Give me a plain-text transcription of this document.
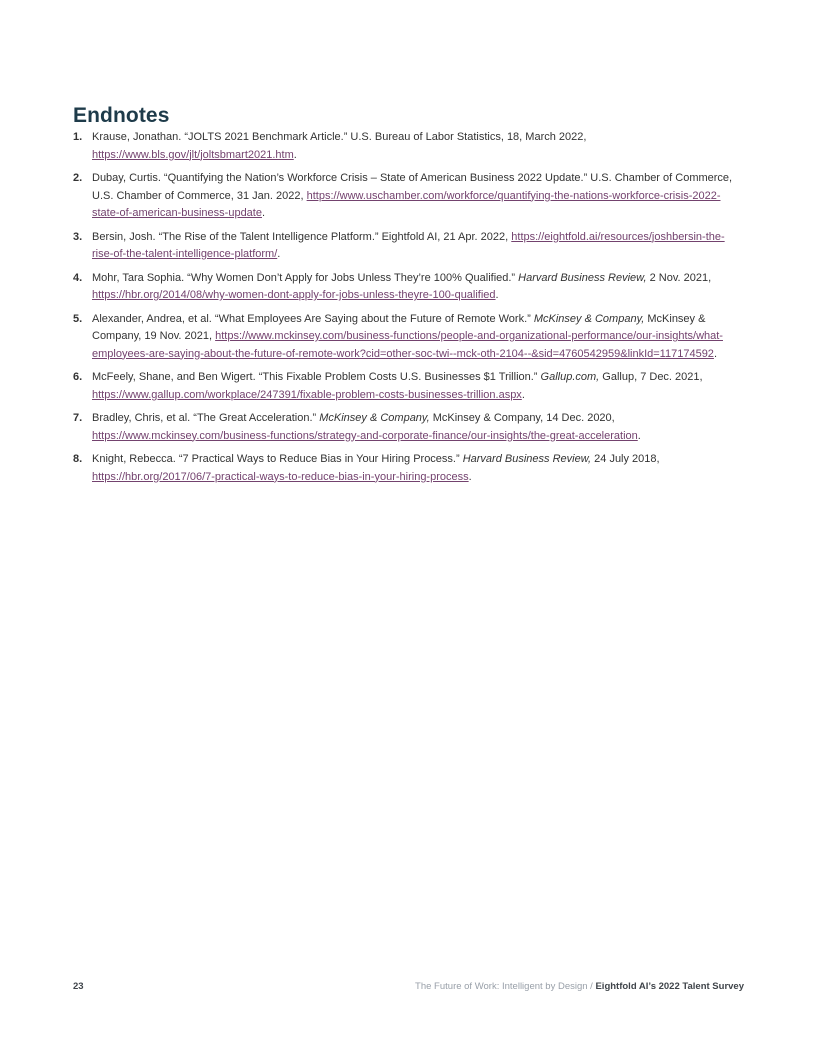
Endnotes
1. Krause, Jonathan. “JOLTS 2021 Benchmark Article.” U.S. Bureau of Labor Statistics, 18, March 2022, https://www.bls.gov/jlt/joltsbmart2021.htm.
2. Dubay, Curtis. “Quantifying the Nation’s Workforce Crisis – State of American Business 2022 Update.” U.S. Chamber of Commerce, U.S. Chamber of Commerce, 31 Jan. 2022, https://www.uschamber.com/workforce/quantifying-the-nations-workforce-crisis-2022-state-of-american-business-update.
3. Bersin, Josh. “The Rise of the Talent Intelligence Platform.” Eightfold AI, 21 Apr. 2022, https://eightfold.ai/resources/joshbersin-the-rise-of-the-talent-intelligence-platform/.
4. Mohr, Tara Sophia. “Why Women Don’t Apply for Jobs Unless They’re 100% Qualified.” Harvard Business Review, 2 Nov. 2021, https://hbr.org/2014/08/why-women-dont-apply-for-jobs-unless-theyre-100-qualified.
5. Alexander, Andrea, et al. “What Employees Are Saying about the Future of Remote Work.” McKinsey & Company, McKinsey & Company, 19 Nov. 2021, https://www.mckinsey.com/business-functions/people-and-organizational-performance/our-insights/what-employees-are-saying-about-the-future-of-remote-work?cid=other-soc-twi--mck-oth-2104--&sid=4760542959&linkId=117174592.
6. McFeely, Shane, and Ben Wigert. “This Fixable Problem Costs U.S. Businesses $1 Trillion.” Gallup.com, Gallup, 7 Dec. 2021, https://www.gallup.com/workplace/247391/fixable-problem-costs-businesses-trillion.aspx.
7. Bradley, Chris, et al. “The Great Acceleration.” McKinsey & Company, McKinsey & Company, 14 Dec. 2020, https://www.mckinsey.com/business-functions/strategy-and-corporate-finance/our-insights/the-great-acceleration.
8. Knight, Rebecca. “7 Practical Ways to Reduce Bias in Your Hiring Process.” Harvard Business Review, 24 July 2018, https://hbr.org/2017/06/7-practical-ways-to-reduce-bias-in-your-hiring-process.
23	The Future of Work: Intelligent by Design / Eightfold AI’s 2022 Talent Survey
